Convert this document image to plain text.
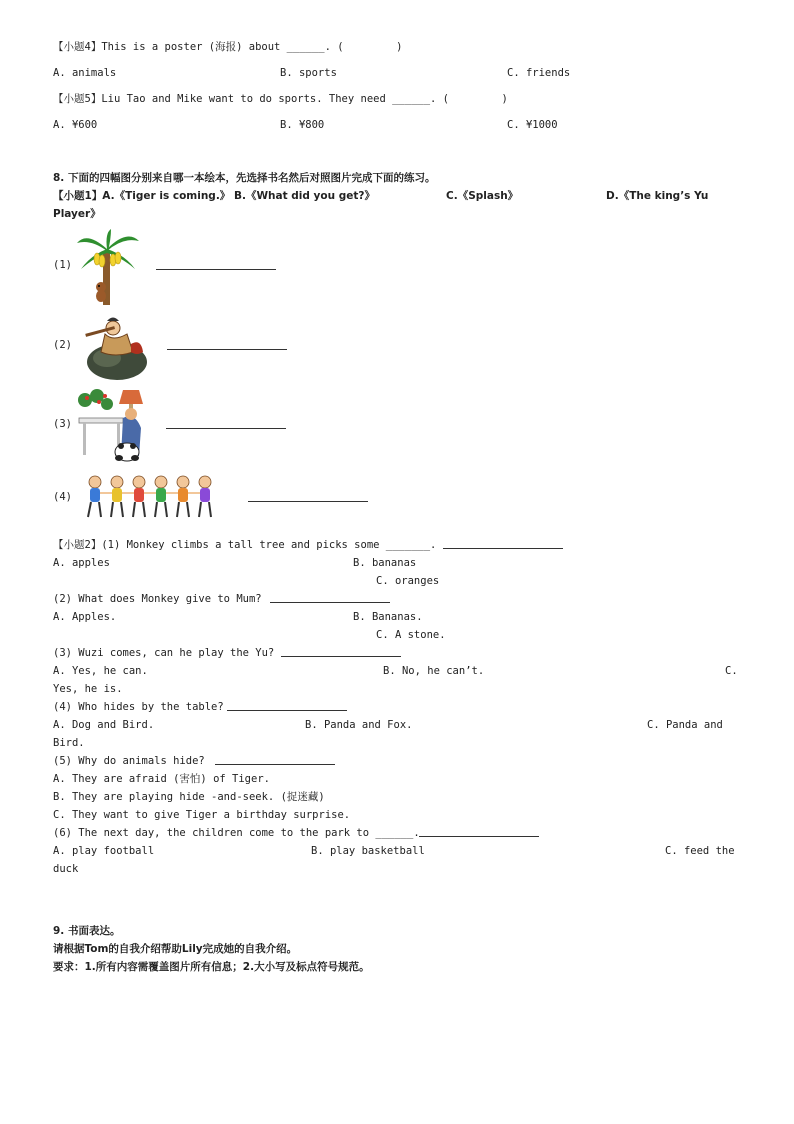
【小题4】This is a poster (海报) about ______. (　　　　　)
A. animals	B. sports	C. friends
【小题5】Liu Tao and Mike want to do sports. They need ______. (　　　　　)
A. ¥600	B. ¥800	C. ¥1000
8. 下面的四幅图分别来自哪一本绘本，先选择书名然后对照图片完成下面的练习。
【小题1】A.《Tiger is coming.》 B.《What did you get?》	C.《Splash》	D.《The king’s Yu
Player》
(1)
(2)
(3)
(4)
【小题2】(1) Monkey climbs a tall tree and picks some _______.
A. apples	B. bananas
C. oranges
(2) What does Monkey give to Mum?
A. Apples.	B. Bananas.
C. A stone.
(3) Wuzi comes, can he play the Yu?
A. Yes, he can.	B. No, he can’t.	C.
Yes, he is.
(4) Who hides by the table?
A. Dog and Bird.	B. Panda and Fox.	C. Panda and
Bird.
(5) Why do animals hide?
A. They are afraid (害怕) of Tiger.
B. They are playing hide -and-seek. (捉迷藏)
C. They want to give Tiger a birthday surprise.
(6) The next day, the children come to the park to ______.
A. play football	B. play basketball	C. feed the
duck
9. 书面表达。
请根据Tom的自我介绍帮助Lily完成她的自我介绍。
要求：1.所有内容需覆盖图片所有信息；2.大小写及标点符号规范。
